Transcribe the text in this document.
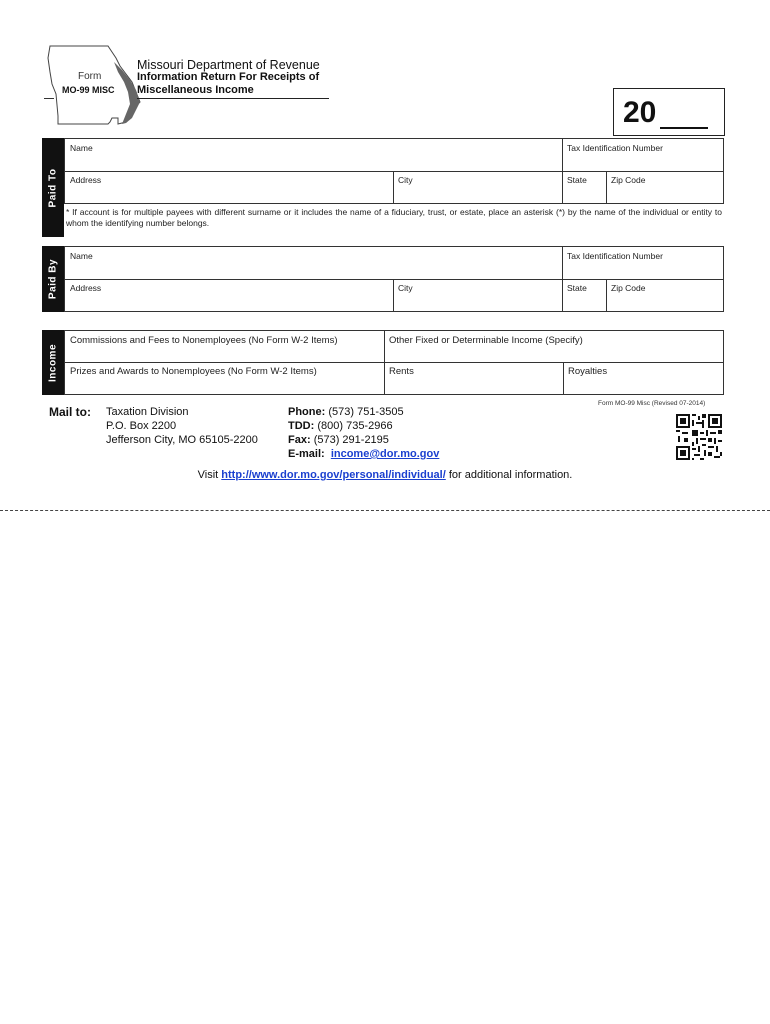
Form
MO-99 MISC
Missouri Department of Revenue
Information Return For Receipts of
Miscellaneous Income
20
Paid To
Name	Tax Identification Number
Address	City	State	Zip Code
* If account is for multiple payees with different surname or it includes the name of a fiduciary, trust, or estate, place an asterisk (*) by the name of the individual or entity to whom the identifying number belongs.
Paid By
Name	Tax Identification Number
Address	City	State	Zip Code
Income
Commissions and Fees to Nonemployees (No Form W-2 Items)	Other Fixed or Determinable Income (Specify)
Prizes and Awards to Nonemployees (No Form W-2 Items)	Rents	Royalties
Form MO-99 Misc (Revised 07-2014)
Mail to: Taxation Division
P.O. Box 2200
Jefferson City, MO 65105-2200
Phone: (573) 751-3505
TDD: (800) 735-2966
Fax: (573) 291-2195
E-mail: income@dor.mo.gov
Visit http://www.dor.mo.gov/personal/individual/ for additional information.
